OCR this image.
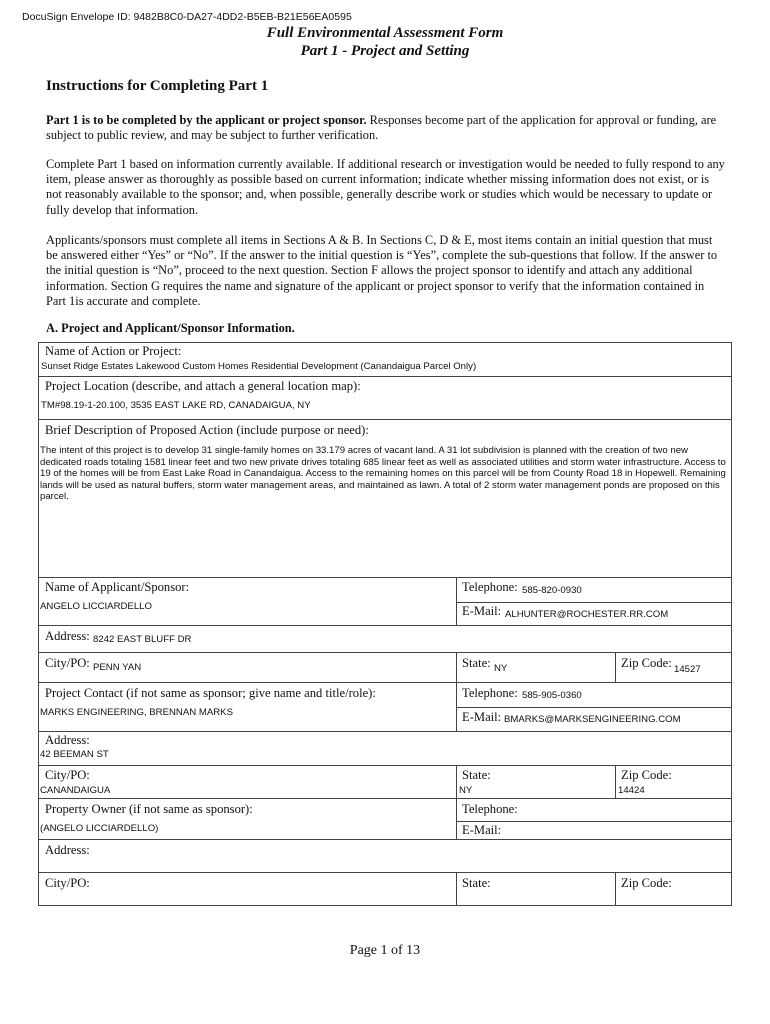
DocuSign Envelope ID: 9482B8C0-DA27-4DD2-B5EB-B21E56EA0595
Full Environmental Assessment Form
Part 1 - Project and Setting
Instructions for Completing Part 1
Part 1 is to be completed by the applicant or project sponsor. Responses become part of the application for approval or funding, are subject to public review, and may be subject to further verification.
Complete Part 1 based on information currently available. If additional research or investigation would be needed to fully respond to any item, please answer as thoroughly as possible based on current information; indicate whether missing information does not exist, or is not reasonably available to the sponsor; and, when possible, generally describe work or studies which would be necessary to update or fully develop that information.
Applicants/sponsors must complete all items in Sections A & B. In Sections C, D & E, most items contain an initial question that must be answered either “Yes” or “No”. If the answer to the initial question is “Yes”, complete the sub-questions that follow. If the answer to the initial question is “No”, proceed to the next question. Section F allows the project sponsor to identify and attach any additional information. Section G requires the name and signature of the applicant or project sponsor to verify that the information contained in Part 1is accurate and complete.
A. Project and Applicant/Sponsor Information.
Name of Action or Project:
Sunset Ridge Estates Lakewood Custom Homes Residential Development (Canandaigua Parcel Only)
Project Location (describe, and attach a general location map):
TM#98.19-1-20.100, 3535 EAST LAKE RD, CANADAIGUA, NY
Brief Description of Proposed Action (include purpose or need):
The intent of this project is to develop 31 single-family homes on 33.179 acres of vacant land. A 31 lot subdivision is planned with the creation of two new dedicated roads totaling 1581 linear feet and two new private drives totaling 685 linear feet as well as associated utilities and storm water infrastructure. Access to 19 of the homes will be from East Lake Road in Canandaigua. Access to the remaining homes on this parcel will be from County Road 18 in Hopewell. Remaining lands will be used as natural buffers, storm water management areas, and maintained as lawn. A total of 2 storm water management ponds are proposed on this parcel.
Name of Applicant/Sponsor:
ANGELO LICCIARDELLO
Telephone: 585-820-0930
E-Mail: ALHUNTER@ROCHESTER.RR.COM
Address: 8242 EAST BLUFF DR
City/PO: PENN YAN	State: NY	Zip Code: 14527
Project Contact (if not same as sponsor; give name and title/role):
MARKS ENGINEERING, BRENNAN MARKS
Telephone: 585-905-0360
E-Mail: BMARKS@MARKSENGINEERING.COM
Address:
42 BEEMAN ST
City/PO:
CANANDAIGUA
State:
NY
Zip Code:
14424
Property Owner (if not same as sponsor):
(ANGELO LICCIARDELLO)
Telephone:
E-Mail:
Address:
City/PO:	State:	Zip Code:
Page 1 of 13
